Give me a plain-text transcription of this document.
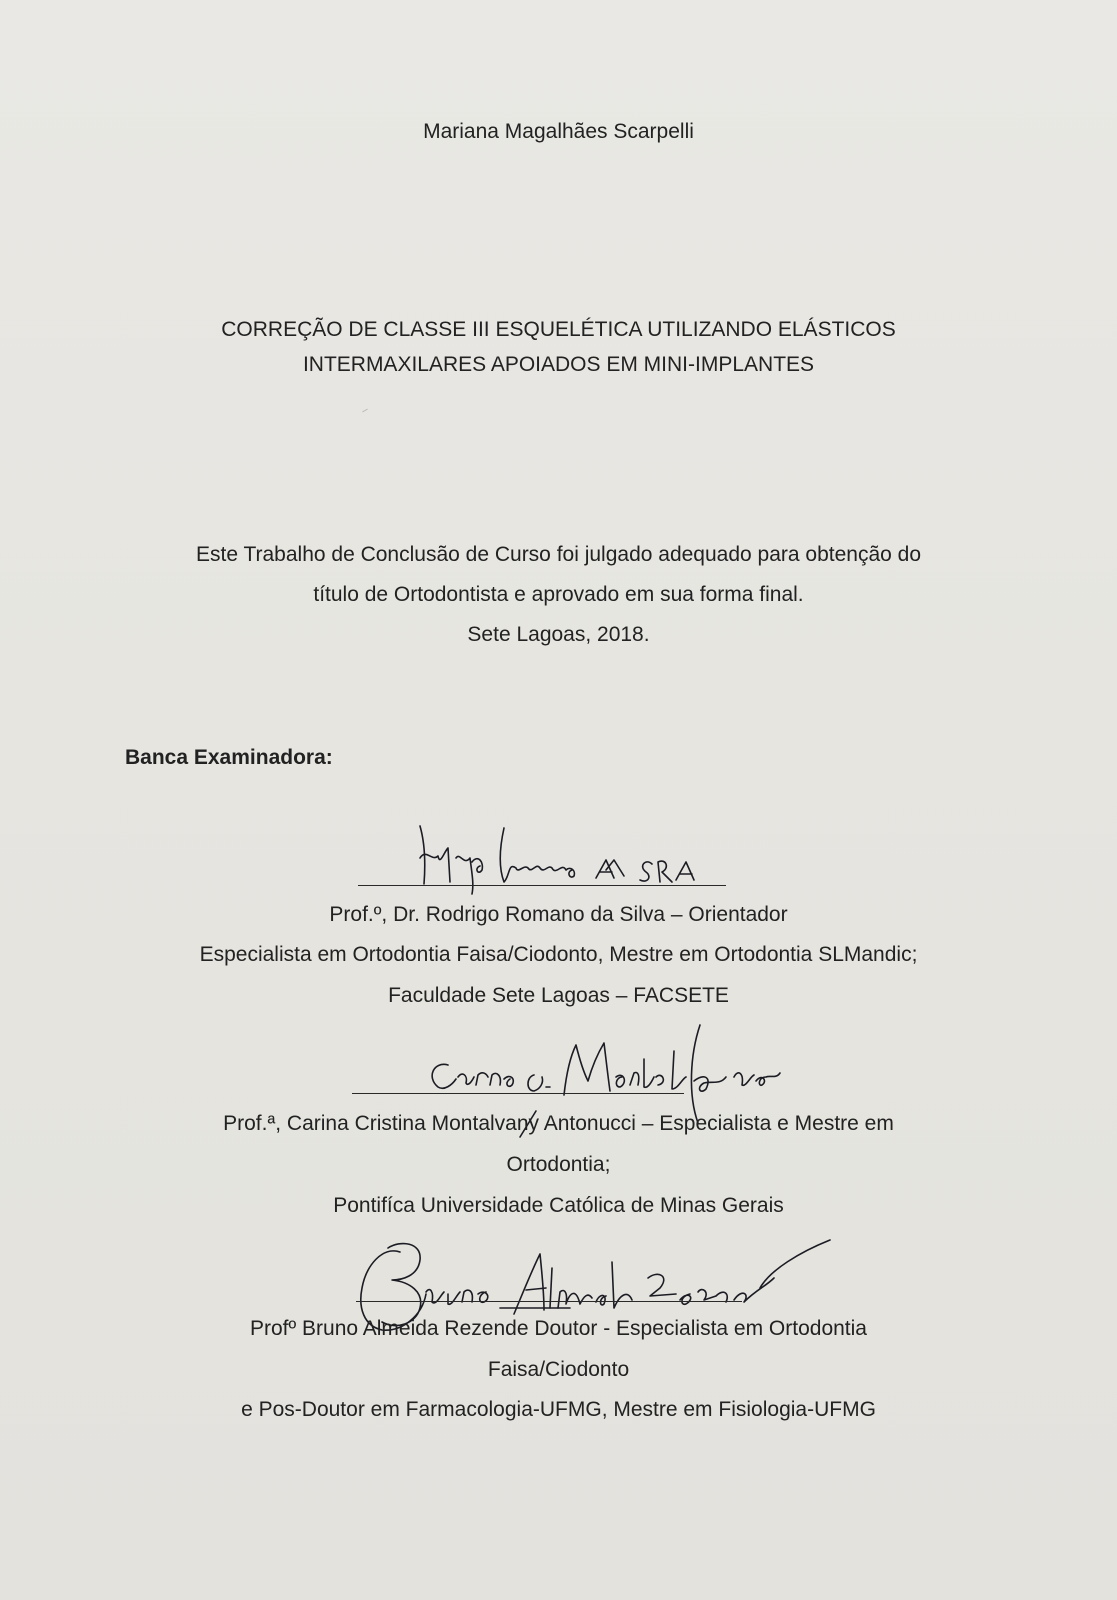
Mariana Magalhães Scarpelli
CORREÇÃO DE CLASSE III ESQUELÉTICA UTILIZANDO ELÁSTICOS
INTERMAXILARES APOIADOS EM MINI-IMPLANTES
Este Trabalho de Conclusão de Curso foi julgado adequado para obtenção do
título de Ortodontista e aprovado em sua forma final.
Sete Lagoas, 2018.
Banca Examinadora:
Prof.º, Dr. Rodrigo Romano da Silva – Orientador
Especialista em Ortodontia Faisa/Ciodonto, Mestre em Ortodontia SLMandic;
Faculdade Sete Lagoas – FACSETE
Prof.ª, Carina Cristina Montalvany Antonucci – Especialista e Mestre em
Ortodontia;
Pontifíca Universidade Católica de Minas Gerais
Profº Bruno Almeida Rezende Doutor - Especialista em Ortodontia
Faisa/Ciodonto
e Pos-Doutor em Farmacologia-UFMG, Mestre em Fisiologia-UFMG
